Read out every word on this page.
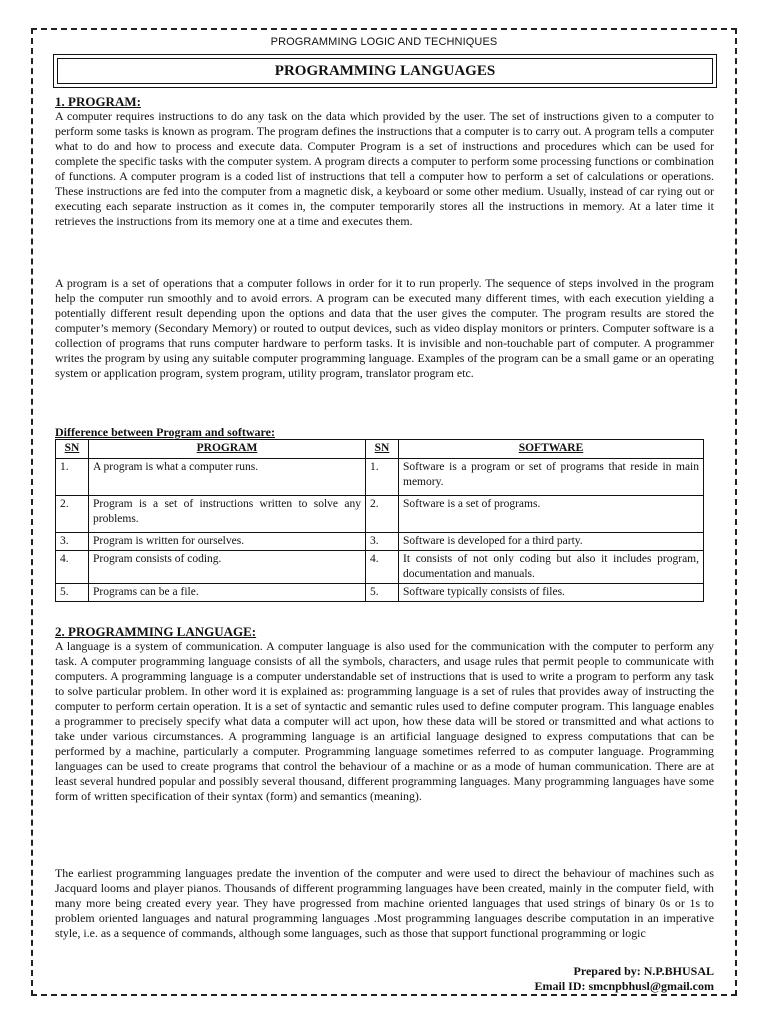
PROGRAMMING LOGIC AND TECHNIQUES
PROGRAMMING LANGUAGES
1. PROGRAM:

A computer requires instructions to do any task on the data which provided by the user. The set of instructions given to a computer to perform some tasks is known as program. The program defines the instructions that a computer is to carry out. A program tells a computer what to do and how to process and execute data. Computer Program is a set of instructions and procedures which can be used for complete the specific tasks with the computer system. A program directs a computer to perform some processing functions or combination of functions. A computer program is a coded list of instructions that tell a computer how to perform a set of calculations or operations. These instructions are fed into the computer from a magnetic disk, a keyboard or some other medium. Usually, instead of car rying out or executing each separate instruction as it comes in, the computer temporarily stores all the instructions in memory. At a later time it retrieves the instructions from its memory one at a time and executes them.

A program is a set of operations that a computer follows in order for it to run properly. The sequence of steps involved in the program help the computer run smoothly and to avoid errors. A program can be executed many different times, with each execution yielding a potentially different result depending upon the options and data that the user gives the computer. The program results are stored the computer’s memory (Secondary Memory) or routed to output devices, such as video display monitors or printers. Computer software is a collection of programs that runs computer hardware to perform tasks. It is invisible and non-touchable part of computer. A programmer writes the program by using any suitable computer programming language. Examples of the program can be a small game or an operating system or application program, system program, utility program, translator program etc.

Difference between Program and software:
SN	PROGRAM	SN	SOFTWARE
1.	A program is what a computer runs.	1.	Software is a program or set of programs that reside in main memory.
2.	Program is a set of instructions written to solve any problems.	2.	Software is a set of programs.
3.	Program is written for ourselves.	3.	Software is developed for a third party.
4.	Program consists of coding.	4.	It consists of not only coding but also it includes program, documentation and manuals.
5.	Programs can be a file.	5.	Software typically consists of files.
2. PROGRAMMING LANGUAGE:

A language is a system of communication. A computer language is also used for the communication with the computer to perform any task. A computer programming language consists of all the symbols, characters, and usage rules that permit people to communicate with computers. A programming language is a computer understandable set of instructions that is used to write a program to perform any task to solve particular problem. In other word it is explained as: programming language is a set of rules that provides away of instructing the computer to perform certain operation. It is a set of syntactic and semantic rules used to define computer program. This language enables a programmer to precisely specify what data a computer will act upon, how these data will be stored or transmitted and what actions to take under various circumstances. A programming language is an artificial language designed to express computations that can be performed by a machine, particularly a computer. Programming language sometimes referred to as computer language. Programming languages can be used to create programs that control the behaviour of a machine or as a mode of human communication. There are at least several hundred popular and possibly several thousand, different programming languages. Many programming languages have some form of written specification of their syntax (form) and semantics (meaning).

The earliest programming languages predate the invention of the computer and were used to direct the behaviour of machines such as Jacquard looms and player pianos. Thousands of different programming languages have been created, mainly in the computer field, with many more being created every year. They have progressed from machine oriented languages that used strings of binary 0s or 1s to problem oriented languages and natural programming languages .Most programming languages describe computation in an imperative style, i.e. as a sequence of commands, although some languages, such as those that support functional programming or logic

Prepared by: N.P.BHUSAL
Email ID: smcnpbhusl@gmail.com
